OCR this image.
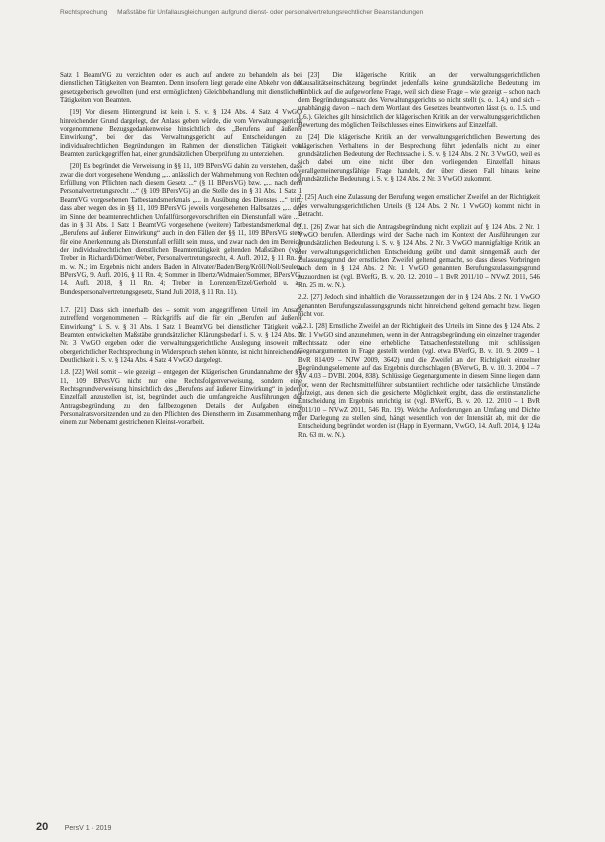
Rechtsprechung Maßstäbe für Unfallausgleichungen aufgrund dienst- oder personalvertretungsrechtlicher Beanstandungen

Satz 1 BeamtVG zu verzichten oder es auch auf andere zu behandeln als bei dienstlichen Tätigkeiten von Beamten. Denn insofern liegt gerade eine Abkehr von der gesetzgeberisch gewollten (und erst ermöglichten) Gleichbehandlung mit dienstlichen Tätigkeiten von Beamten.

[19] Vor diesem Hintergrund ist kein i. S. v. § 124 Abs. 4 Satz 4 VwGO hinreichender Grund dargelegt, der Anlass geben würde, die vom Verwaltungsgericht vorgenommene Bezugsgedankenweise hinsichtlich des „Berufens auf äußerer Einwirkung“, bei der das Verwaltungsgericht auf Entscheidungen zu individualrechtlichen Begründungen im Rahmen der dienstlichen Tätigkeit von Beamten zurückgegriffen hat, einer grundsätzlichen Überprüfung zu unterziehen.

[20] Es begründet die Verweisung in §§ 11, 109 BPersVG dahin zu verstehen, dass zwar die dort vorgesehene Wendung „... anlässlich der Wahrnehmung von Rechten oder Erfüllung von Pflichten nach diesem Gesetz ...“ (§ 11 BPersVG) bzw. „... nach dem Personalvertretungsrecht ...“ (§ 109 BPersVG) an die Stelle des in § 31 Abs. 1 Satz 1 BeamtVG vorgesehenen Tatbestandsmerkmals „... in Ausübung des Dienstes ...“ tritt, dass aber wegen des in §§ 11, 109 BPersVG jeweils vorgesehenen Halbsatzes „... der im Sinne der beamtenrechtlichen Unfallfürsorgevorschriften ein Dienstunfall wäre ...“ das in § 31 Abs. 1 Satz 1 BeamtVG vorgesehene (weitere) Tatbestandsmerkmal der „Berufens auf äußerer Einwirkung“ auch in den Fällen der §§ 11, 109 BPersVG stets für eine Anerkennung als Dienstunfall erfüllt sein muss, und zwar nach den im Bereich der individualrechtlichen dienstlichen Beamtentätigkeit geltenden Maßstäben (vgl. Treber in Richardi/Dörner/Weber, Personalvertretungsrecht, 4. Aufl. 2012, § 11 Rn. 8 m. w. N.; im Ergebnis nicht anders Baden in Altvater/Baden/Berg/Kröll/Noll/Seulen, BPersVG, 9. Aufl. 2016, § 11 Rn. 4; Sommer in Ilbertz/Widmaier/Sommer, BPersVG, 14. Aufl. 2018, § 11 Rn. 4; Treber in Lorenzen/Etzel/Gerhold u. a., Bundespersonalvertretungsgesetz, Stand Juli 2018, § 11 Rn. 11).

1.7. [21] Dass sich innerhalb des – somit vom angegriffenen Urteil im Ansatz zutreffend vorgenommenen – Rückgriffs auf die für ein „Berufen auf äußerer Einwirkung“ i. S. v. § 31 Abs. 1 Satz 1 BeamtVG bei dienstlicher Tätigkeit von Beamten entwickelten Maßstäbe grundsätzlicher Klärungsbedarf i. S. v. § 124 Abs. 2 Nr. 3 VwGO ergeben oder die verwaltungsgerichtliche Auslegung insoweit mit obergerichtlicher Rechtsprechung in Widerspruch stehen könnte, ist nicht hinreichender Deutlichkeit i. S. v. § 124a Abs. 4 Satz 4 VwGO dargelegt.

1.8. [22] Weil somit – wie gezeigt – entgegen der Klägerischen Grundannahme der §§ 11, 109 BPersVG nicht nur eine Rechtsfolgenverweisung, sondern eine Rechtsgrundverweisung hinsichtlich des „Berufens auf äußerer Einwirkung“ in jedem Einzelfall anzustellen ist, ist, begründet auch die umfangreiche Ausführungen der Antragsbegründung zu den fallbezogenen Details der Aufgaben eines Personalratsvorsitzenden und zu den Pflichten des Dienstherrn im Zusammenhang mit einem zur Nebenamt gestrichenen Kleinst-vorarbeit.

[23] Die klägerische Kritik an der verwaltungsgerichtlichen Kausalitätseinschätzung begründet jedenfalls keine grundsätzliche Bedeutung im Hinblick auf die aufgeworfene Frage, weil sich diese Frage – wie gezeigt – schon nach dem Begründungsansatz des Verwaltungsgerichts so nicht stellt (s. o. 1.4.) und sich – unabhängig davon – nach dem Wortlaut des Gesetzes beantworten lässt (s. o. 1.5. und 1.6.). Gleiches gilt hinsichtlich der klägerischen Kritik an der verwaltungsgerichtlichen Bewertung des möglichen Teilschlusses eines Einwirkens auf Einzelfall.

[24] Die klägerische Kritik an der verwaltungsgerichtlichen Bewertung des klägerischen Verhaltens in der Besprechung führt jedenfalls nicht zu einer grundsätzlichen Bedeutung der Rechtssache i. S. v. § 124 Abs. 2 Nr. 3 VwGO, weil es sich dabei um eine nicht über den vorliegenden Einzelfall hinaus verallgemeinerungsfähige Frage handelt, der über diesen Fall hinaus keine grundsätzliche Bedeutung i. S. v. § 124 Abs. 2 Nr. 3 VwGO zukommt.

2. [25] Auch eine Zulassung der Berufung wegen ernstlicher Zweifel an der Richtigkeit des verwaltungsgerichtlichen Urteils (§ 124 Abs. 2 Nr. 1 VwGO) kommt nicht in Betracht.

2.1. [26] Zwar hat sich die Antragsbegründung nicht explizit auf § 124 Abs. 2 Nr. 1 VwGO berufen. Allerdings wird der Sache nach im Kontext der Ausführungen zur grundsätzlichen Bedeutung i. S. v. § 124 Abs. 2 Nr. 3 VwGO mannigfaltige Kritik an der verwaltungsgerichtlichen Entscheidung geübt und damit sinngemäß auch der Zulassungsgrund der ernstlichen Zweifel geltend gemacht, so dass dieses Vorbringen auch dem in § 124 Abs. 2 Nr. 1 VwGO genannten Berufungszulassungsgrund zuzuordnen ist (vgl. BVerfG, B. v. 20. 12. 2010 – 1 BvR 2011/10 – NVwZ 2011, 546 Rn. 25 m. w. N.).

2.2. [27] Jedoch sind inhaltlich die Voraussetzungen der in § 124 Abs. 2 Nr. 1 VwGO genannten Berufungszulassungsgrunds nicht hinreichend geltend gemacht bzw. liegen nicht vor.

2.2.1. [28] Ernstliche Zweifel an der Richtigkeit des Urteils im Sinne des § 124 Abs. 2 Nr. 1 VwGO sind anzunehmen, wenn in der Antragsbegründung ein einzelner tragender Rechtssatz oder eine erhebliche Tatsachenfeststellung mit schlüssigen Gegenargumenten in Frage gestellt werden (vgl. etwa BVerfG, B. v. 10. 9. 2009 – 1 BvR 814/09 – NJW 2009, 3642) und die Zweifel an der Richtigkeit einzelner Begründungselemente auf das Ergebnis durchschlagen (BVerwG, B. v. 10. 3. 2004 – 7 AV 4.03 – DVBl. 2004, 838). Schlüssige Gegenargumente in diesem Sinne liegen dann vor, wenn der Rechtsmittelführer substantiiert rechtliche oder tatsächliche Umstände aufzeigt, aus denen sich die gesicherte Möglichkeit ergibt, dass die erstinstanzliche Entscheidung im Ergebnis unrichtig ist (vgl. BVerfG, B. v. 20. 12. 2010 – 1 BvR 2011/10 – NVwZ 2011, 546 Rn. 19). Welche Anforderungen an Umfang und Dichte der Darlegung zu stellen sind, hängt wesentlich von der Intensität ab, mit der die Entscheidung begründet worden ist (Happ in Eyermann, VwGO, 14. Aufl. 2014, § 124a Rn. 63 m. w. N.).

20 PersV 1 · 2019
